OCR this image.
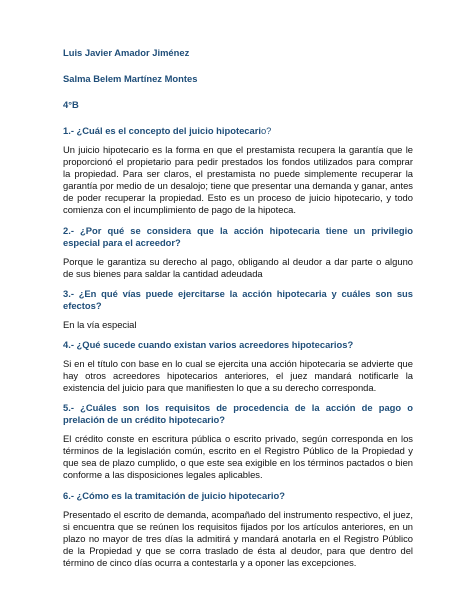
Luis Javier Amador Jiménez

Salma Belem Martínez Montes

4°B

1.- ¿Cuál es el concepto del juicio hipotecario?

Un juicio hipotecario es la forma en que el prestamista recupera la garantía que le proporcionó el propietario para pedir prestados los fondos utilizados para comprar la propiedad. Para ser claros, el prestamista no puede simplemente recuperar la garantía por medio de un desalojo; tiene que presentar una demanda y ganar, antes de poder recuperar la propiedad. Esto es un proceso de juicio hipotecario, y todo comienza con el incumplimiento de pago de la hipoteca.

2.- ¿Por qué se considera que la acción hipotecaria tiene un privilegio especial para el acreedor?

Porque le garantiza su derecho al pago, obligando al deudor a dar parte o alguno de sus bienes para saldar la cantidad adeudada

3.- ¿En qué vías puede ejercitarse la acción hipotecaria y cuáles son sus efectos?

En la vía especial

4.- ¿Qué sucede cuando existan varios acreedores hipotecarios?

Si en el título con base en lo cual se ejercita una acción hipotecaria se advierte que hay otros acreedores hipotecarios anteriores, el juez mandará notificarle la existencia del juicio para que manifiesten lo que a su derecho corresponda.

5.- ¿Cuáles son los requisitos de procedencia de la acción de pago o prelación de un crédito hipotecario?

El crédito conste en escritura pública o escrito privado, según corresponda en los términos de la legislación común, escrito en el Registro Público de la Propiedad y que sea de plazo cumplido, o que este sea exigible en los términos pactados o bien conforme a las disposiciones legales aplicables.

6.- ¿Cómo es la tramitación de juicio hipotecario?

Presentado el escrito de demanda, acompañado del instrumento respectivo, el juez, si encuentra que se reúnen los requisitos fijados por los artículos anteriores, en un plazo no mayor de tres días la admitirá y mandará anotarla en el Registro Público de la Propiedad y que se corra traslado de ésta al deudor, para que dentro del término de cinco días ocurra a contestarla y a oponer las excepciones.
